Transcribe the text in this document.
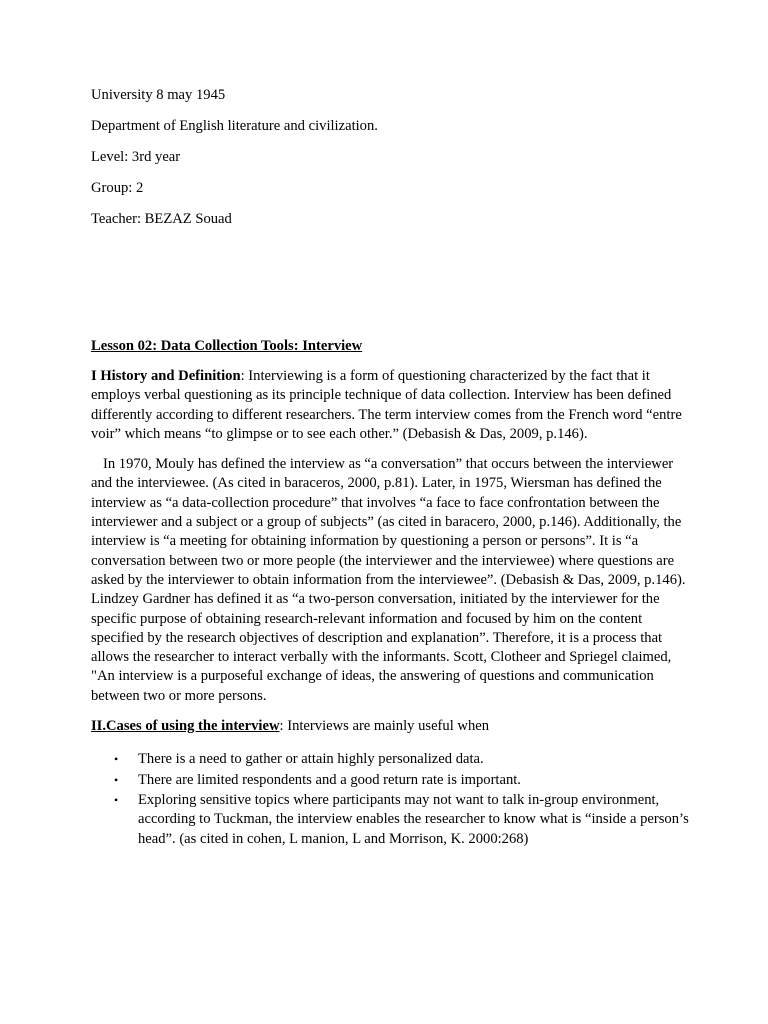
University 8 may 1945

Department of English literature and civilization.

Level: 3rd year

Group: 2

Teacher: BEZAZ Souad

Lesson 02: Data Collection Tools: Interview

I History and Definition: Interviewing is a form of questioning characterized by the fact that it employs verbal questioning as its principle technique of data collection. Interview has been defined differently according to different researchers. The term interview comes from the French word “entre voir” which means “to glimpse or to see each other.” (Debasish & Das, 2009, p.146).

In 1970, Mouly has defined the interview as “a conversation” that occurs between the interviewer and the interviewee. (As cited in baraceros, 2000, p.81). Later, in 1975, Wiersman has defined the interview as “a data-collection procedure” that involves “a face to face confrontation between the interviewer and a subject or a group of subjects” (as cited in baracero, 2000, p.146). Additionally, the interview is “a meeting for obtaining information by questioning a person or persons”. It is “a conversation between two or more people (the interviewer and the interviewee) where questions are asked by the interviewer to obtain information from the interviewee”. (Debasish & Das, 2009, p.146). Lindzey Gardner has defined it as “a two-person conversation, initiated by the interviewer for the specific purpose of obtaining research-relevant information and focused by him on the content specified by the research objectives of description and explanation”. Therefore, it is a process that allows the researcher to interact verbally with the informants. Scott, Clotheer and Spriegel claimed, "An interview is a purposeful exchange of ideas, the answering of questions and communication between two or more persons.

II.Cases of using the interview: Interviews are mainly useful when

• There is a need to gather or attain highly personalized data.
• There are limited respondents and a good return rate is important.
• Exploring sensitive topics where participants may not want to talk in-group environment, according to Tuckman, the interview enables the researcher to know what is “inside a person’s head”. (as cited in cohen, L manion, L and Morrison, K. 2000:268)
